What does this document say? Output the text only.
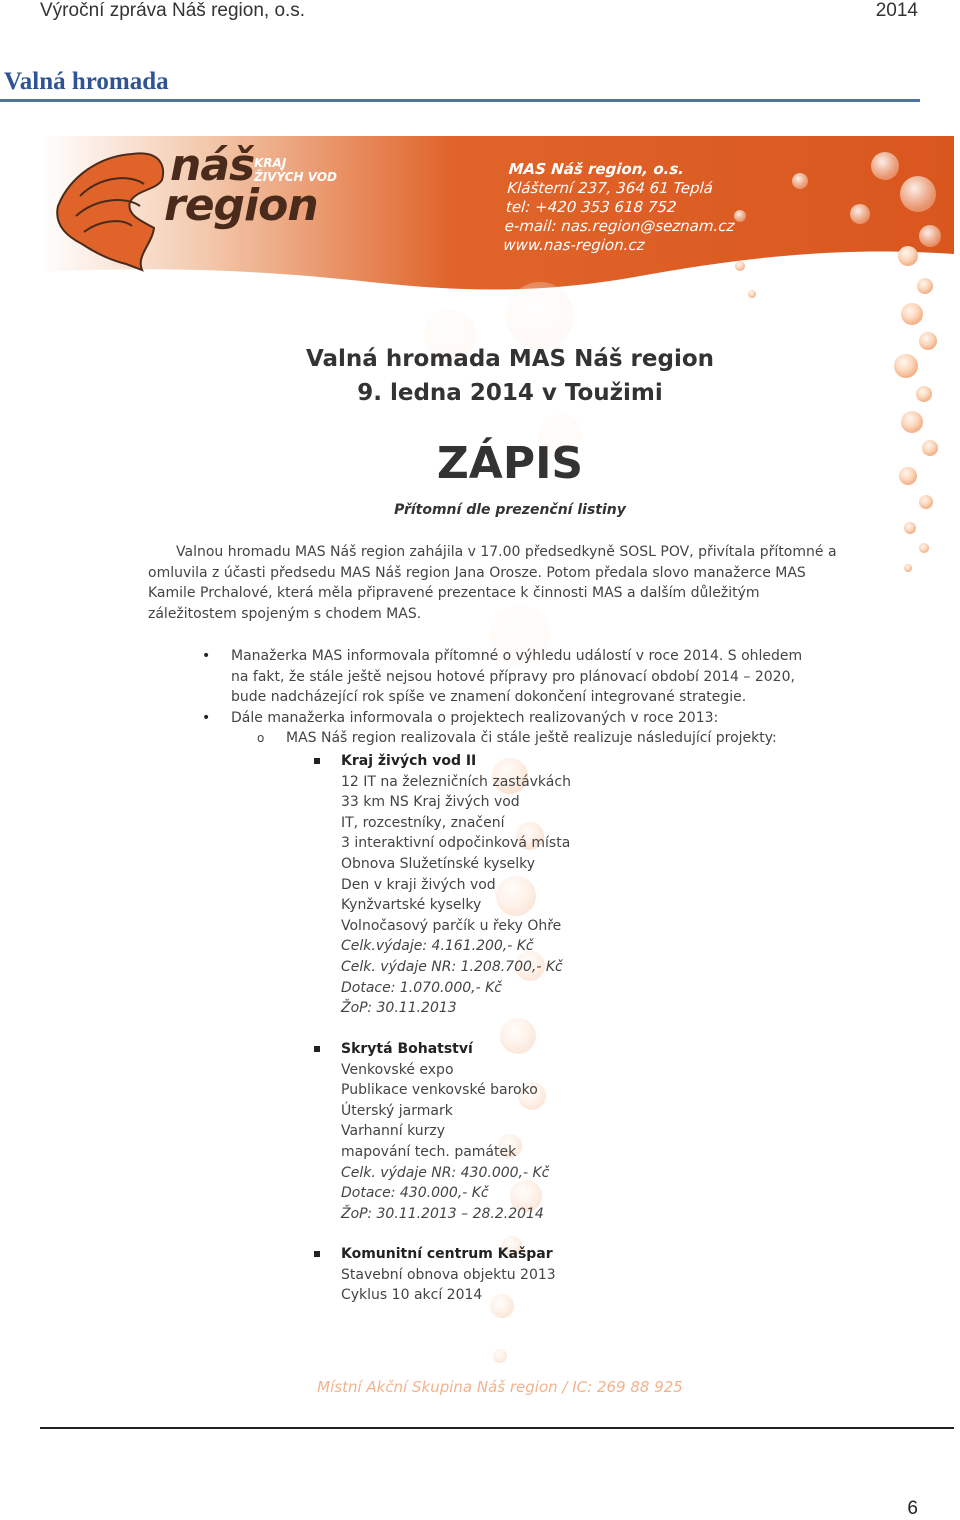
Výroční zpráva Náš region, o.s.	2014
Valná hromada
náš
region
KRAJ
ŽIVÝCH VOD	MAS Náš region, o.s.
Klášterní 237, 364 61 Teplá
tel: +420 353 618 752
e-mail: nas.region@seznam.cz
www.nas-region.cz
Valná hromada MAS Náš region
9. ledna 2014 v Toužimi
ZÁPIS
Přítomní dle prezenční listiny
Valnou hromadu MAS Náš region zahájila v 17.00 předsedkyně SOSL POV, přivítala přítomné a omluvila z účasti předsedu MAS Náš region Jana Orosze. Potom předala slovo manažerce MAS Kamile Prchalové, která měla připravené prezentace k činnosti MAS a dalším důležitým záležitostem spojeným s chodem MAS.
• Manažerka MAS informovala přítomné o výhledu událostí v roce 2014. S ohledem na fakt, že stále ještě nejsou hotové přípravy pro plánovací období 2014 – 2020, bude nadcházející rok spíše ve znamení dokončení integrované strategie.
• Dále manažerka informovala o projektech realizovaných v roce 2013:
o MAS Náš region realizovala či stále ještě realizuje následující projekty:
Kraj živých vod II
12 IT na železničních zastávkách
33 km NS Kraj živých vod
IT, rozcestníky, značení
3 interaktivní odpočinková místa
Obnova Služetínské kyselky
Den v kraji živých vod
Kynžvartské kyselky
Volnočasový parčík u řeky Ohře
Celk.výdaje: 4.161.200,- Kč
Celk. výdaje NR: 1.208.700,- Kč
Dotace: 1.070.000,- Kč
ŽoP: 30.11.2013
Skrytá Bohatství
Venkovské expo
Publikace venkovské baroko
Úterský jarmark
Varhanní kurzy
mapování tech. památek
Celk. výdaje NR: 430.000,- Kč
Dotace: 430.000,- Kč
ŽoP: 30.11.2013 – 28.2.2014
Komunitní centrum Kašpar
Stavební obnova objektu 2013
Cyklus 10 akcí 2014
Místní Akční Skupina Náš region / IC: 269 88 925
6
